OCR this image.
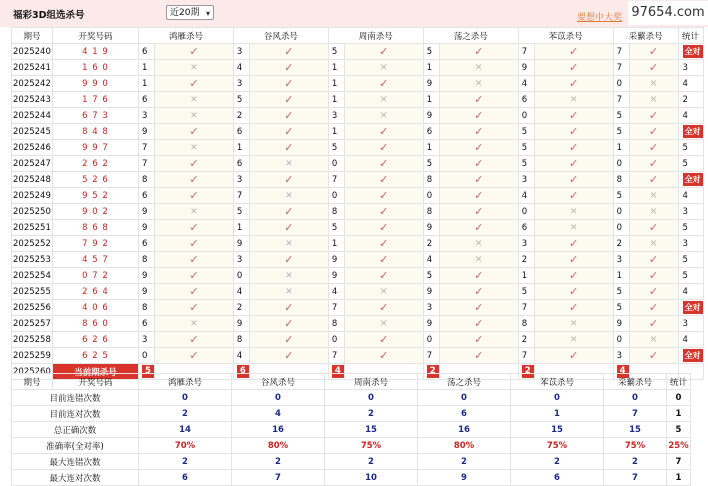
福彩3D组选杀号	近20期 ▾	要想中大奖 97654.com
期号	开奖号码	鸿雁杀号		谷风杀号		周南杀号		荡之杀号		苯苡杀号		采蘩杀号		统计
2025240	4 1 9	6	✓	3	✓	5	✓	5	✓	7	✓	7	✓	全对
2025241	1 6 0	1	✕	4	✓	1	✕	1	✕	9	✓	7	✓	3
2025242	9 9 0	1	✓	3	✓	1	✓	9	✕	4	✓	0	✕	4
2025243	1 7 6	6	✕	5	✓	1	✕	1	✓	6	✕	7	✕	2
2025244	6 7 3	3	✕	2	✓	3	✕	9	✓	0	✓	5	✓	4
2025245	8 4 8	9	✓	6	✓	1	✓	6	✓	5	✓	5	✓	全对
2025246	9 9 7	7	✕	1	✓	5	✓	1	✓	5	✓	1	✓	5
2025247	2 6 2	7	✓	6	✕	0	✓	5	✓	5	✓	0	✓	5
2025248	5 2 6	8	✓	3	✓	7	✓	8	✓	3	✓	8	✓	全对
2025249	9 5 2	6	✓	7	✕	0	✓	0	✓	4	✓	5	✕	4
2025250	9 0 2	9	✕	5	✓	8	✓	8	✓	0	✕	0	✕	3
2025251	8 6 8	9	✓	1	✓	5	✓	9	✓	6	✕	0	✓	5
2025252	7 9 2	6	✓	9	✕	1	✓	2	✕	3	✓	2	✕	3
2025253	4 5 7	8	✓	3	✓	9	✓	4	✕	2	✓	3	✓	5
2025254	0 7 2	9	✓	0	✕	9	✓	5	✓	1	✓	1	✓	5
2025255	2 6 4	9	✓	4	✕	4	✕	9	✓	5	✓	5	✓	4
2025256	4 0 6	8	✓	2	✓	7	✓	3	✓	7	✓	5	✓	全对
2025257	8 6 0	6	✕	9	✓	8	✕	9	✓	8	✕	9	✓	3
2025258	6 2 6	3	✓	8	✓	0	✓	0	✓	2	✕	0	✕	4
2025259	6 2 5	0	✓	4	✓	7	✓	7	✓	7	✓	3	✓	全对
2025260	当前期杀号	5		6		4		2		2		4		
期号	开奖号码	鸿雁杀号	谷风杀号	周南杀号	荡之杀号	苯苡杀号	采蘩杀号	统计
目前连错次数		0	0	0	0	0	0	0
目前连对次数		2	4	2	6	1	7	1
总正确次数		14	16	15	16	15	15	5
准确率(全对率)		70%	80%	75%	80%	75%	75%	25%
最大连错次数		2	2	2	2	2	2	7
最大连对次数		6	7	10	9	6	7	1
